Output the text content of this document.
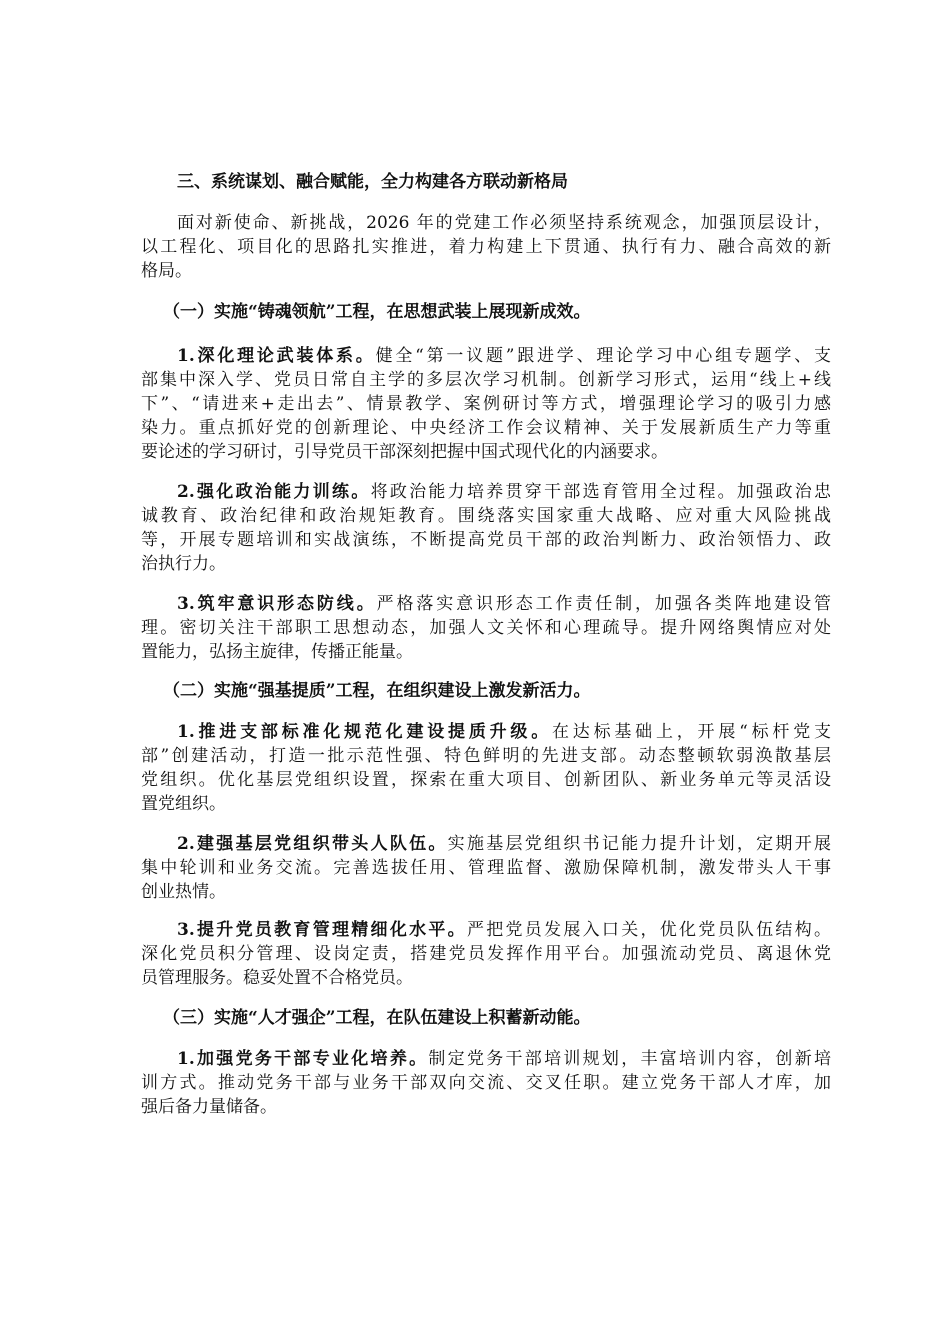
三、系统谋划、融合赋能，全力构建各方联动新格局
面对新使命、新挑战，2026 年的党建工作必须坚持系统观念，加强顶层设计，
以工程化、项目化的思路扎实推进，着力构建上下贯通、执行有力、融合高效的新
格局。
（一）实施“铸魂领航”工程，在思想武装上展现新成效。
1.深化理论武装体系。健全“第一议题”跟进学、理论学习中心组专题学、支
部集中深入学、党员日常自主学的多层次学习机制。创新学习形式，运用“线上+线
下”、“请进来+走出去”、情景教学、案例研讨等方式，增强理论学习的吸引力感
染力。重点抓好党的创新理论、中央经济工作会议精神、关于发展新质生产力等重
要论述的学习研讨，引导党员干部深刻把握中国式现代化的内涵要求。
2.强化政治能力训练。将政治能力培养贯穿干部选育管用全过程。加强政治忠
诚教育、政治纪律和政治规矩教育。围绕落实国家重大战略、应对重大风险挑战
等，开展专题培训和实战演练，不断提高党员干部的政治判断力、政治领悟力、政
治执行力。
3.筑牢意识形态防线。严格落实意识形态工作责任制，加强各类阵地建设管
理。密切关注干部职工思想动态，加强人文关怀和心理疏导。提升网络舆情应对处
置能力，弘扬主旋律，传播正能量。
（二）实施“强基提质”工程，在组织建设上激发新活力。
1.推进支部标准化规范化建设提质升级。在达标基础上，开展“标杆党支
部”创建活动，打造一批示范性强、特色鲜明的先进支部。动态整顿软弱涣散基层
党组织。优化基层党组织设置，探索在重大项目、创新团队、新业务单元等灵活设
置党组织。
2.建强基层党组织带头人队伍。实施基层党组织书记能力提升计划，定期开展
集中轮训和业务交流。完善选拔任用、管理监督、激励保障机制，激发带头人干事
创业热情。
3.提升党员教育管理精细化水平。严把党员发展入口关，优化党员队伍结构。
深化党员积分管理、设岗定责，搭建党员发挥作用平台。加强流动党员、离退休党
员管理服务。稳妥处置不合格党员。
（三）实施“人才强企”工程，在队伍建设上积蓄新动能。
1.加强党务干部专业化培养。制定党务干部培训规划，丰富培训内容，创新培
训方式。推动党务干部与业务干部双向交流、交叉任职。建立党务干部人才库，加
强后备力量储备。
